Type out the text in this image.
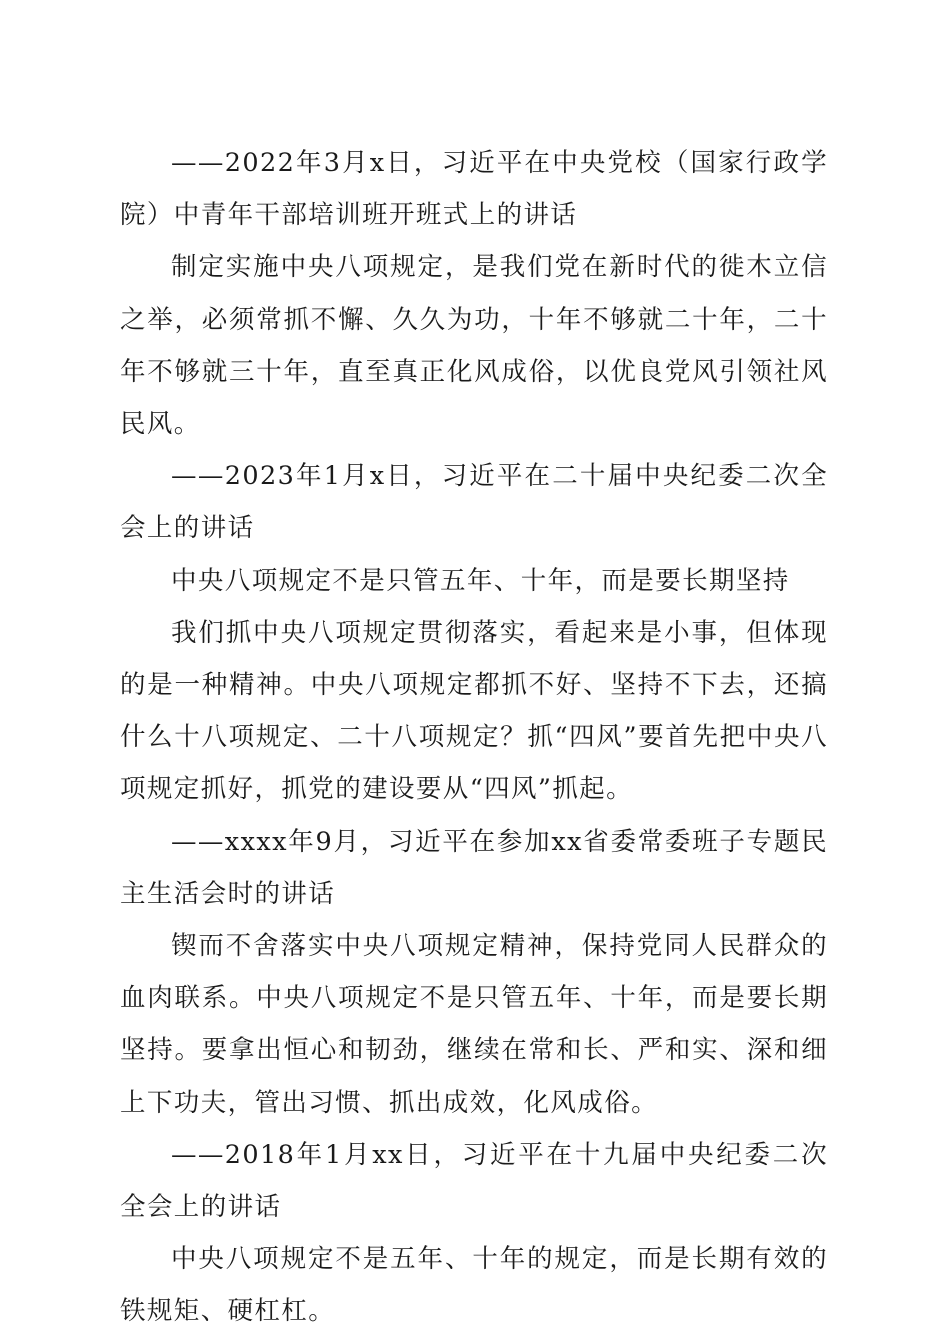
——2022年3月x日，习近平在中央党校（国家行政学院）中青年干部培训班开班式上的讲话

制定实施中央八项规定，是我们党在新时代的徙木立信之举，必须常抓不懈、久久为功，十年不够就二十年，二十年不够就三十年，直至真正化风成俗，以优良党风引领社风民风。

——2023年1月x日，习近平在二十届中央纪委二次全会上的讲话

中央八项规定不是只管五年、十年，而是要长期坚持

我们抓中央八项规定贯彻落实，看起来是小事，但体现的是一种精神。中央八项规定都抓不好、坚持不下去，还搞什么十八项规定、二十八项规定？抓“四风”要首先把中央八项规定抓好，抓党的建设要从“四风”抓起。

——xxxx年9月，习近平在参加xx省委常委班子专题民主生活会时的讲话

锲而不舍落实中央八项规定精神，保持党同人民群众的血肉联系。中央八项规定不是只管五年、十年，而是要长期坚持。要拿出恒心和韧劲，继续在常和长、严和实、深和细上下功夫，管出习惯、抓出成效，化风成俗。

——2018年1月xx日，习近平在十九届中央纪委二次全会上的讲话

中央八项规定不是五年、十年的规定，而是长期有效的铁规矩、硬杠杠。
